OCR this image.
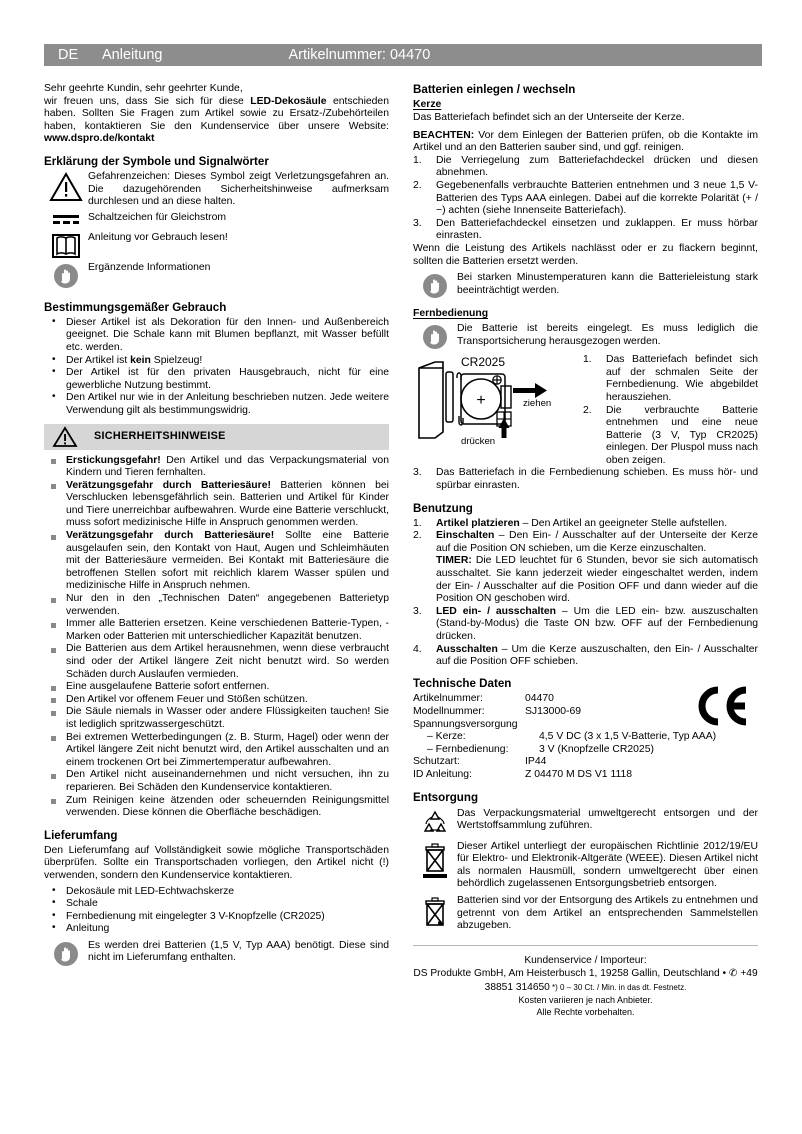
DE	Anleitung	Artikelnummer: 04470

Sehr geehrte Kundin, sehr geehrter Kunde,

wir freuen uns, dass Sie sich für diese LED-Dekosäule entschieden haben. Sollten Sie Fragen zum Artikel sowie zu Ersatz-/Zubehörteilen haben, kontaktieren Sie den Kundenservice über unsere Website: www.dspro.de/kontakt

Erklärung der Symbole und Signalwörter
Gefahrenzeichen: Dieses Symbol zeigt Verletzungsgefahren an. Die dazugehörenden Sicherheitshinweise aufmerksam durchlesen und an diese halten.
Schaltzeichen für Gleichstrom
Anleitung vor Gebrauch lesen!
Ergänzende Informationen
Bestimmungsgemäßer Gebrauch
• Dieser Artikel ist als Dekoration für den Innen- und Außenbereich geeignet. Die Schale kann mit Blumen bepflanzt, mit Wasser befüllt etc. werden.
• Der Artikel ist kein Spielzeug!
• Der Artikel ist für den privaten Hausgebrauch, nicht für eine gewerbliche Nutzung bestimmt.
• Den Artikel nur wie in der Anleitung beschrieben nutzen. Jede weitere Verwendung gilt als bestimmungswidrig.
SICHERHEITSHINWEISE
Erstickungsgefahr! Den Artikel und das Verpackungsmaterial von Kindern und Tieren fernhalten.
Verätzungsgefahr durch Batteriesäure! Batterien können bei Verschlucken lebensgefährlich sein. Batterien und Artikel für Kinder und Tiere unerreichbar aufbewahren. Wurde eine Batterie verschluckt, muss sofort medizinische Hilfe in Anspruch genommen werden.
Verätzungsgefahr durch Batteriesäure! Sollte eine Batterie ausgelaufen sein, den Kontakt von Haut, Augen und Schleimhäuten mit der Batteriesäure vermeiden. Bei Kontakt mit Batteriesäure die betroffenen Stellen sofort mit reichlich klarem Wasser spülen und medizinische Hilfe in Anspruch nehmen.
Nur den in den „Technischen Daten“ angegebenen Batterietyp verwenden.
Immer alle Batterien ersetzen. Keine verschiedenen Batterie-Typen, -Marken oder Batterien mit unterschiedlicher Kapazität benutzen.
Die Batterien aus dem Artikel herausnehmen, wenn diese verbraucht sind oder der Artikel längere Zeit nicht benutzt wird. So werden Schäden durch Auslaufen vermieden.
Eine ausgelaufene Batterie sofort entfernen.
Den Artikel vor offenem Feuer und Stößen schützen.
Die Säule niemals in Wasser oder andere Flüssigkeiten tauchen! Sie ist lediglich spritzwassergeschützt.
Bei extremen Wetterbedingungen (z. B. Sturm, Hagel) oder wenn der Artikel längere Zeit nicht benutzt wird, den Artikel ausschalten und an einem trockenen Ort bei Zimmertemperatur aufbewahren.
Den Artikel nicht auseinandernehmen und nicht versuchen, ihn zu reparieren. Bei Schäden den Kundenservice kontaktieren.
Zum Reinigen keine ätzenden oder scheuernden Reinigungsmittel verwenden. Diese können die Oberfläche beschädigen.
Lieferumfang

Den Lieferumfang auf Vollständigkeit sowie mögliche Transportschäden überprüfen. Sollte ein Transportschaden vorliegen, den Artikel nicht (!) verwenden, sondern den Kundenservice kontaktieren.

• Dekosäule mit LED-Echtwachskerze
• Schale
• Fernbedienung mit eingelegter 3 V-Knopfzelle (CR2025)
• Anleitung
Es werden drei Batterien (1,5 V, Typ AAA) benötigt. Diese sind nicht im Lieferumfang enthalten.
Batterien einlegen / wechseln
Kerze

Das Batteriefach befindet sich an der Unterseite der Kerze.

BEACHTEN: Vor dem Einlegen der Batterien prüfen, ob die Kontakte im Artikel und an den Batterien sauber sind, und ggf. reinigen.

Die Verriegelung zum Batteriefachdeckel drücken und diesen abnehmen.
Gegebenenfalls verbrauchte Batterien entnehmen und 3 neue 1,5 V-Batterien des Typs AAA einlegen. Dabei auf die korrekte Polarität (+ / −) achten (siehe Innenseite Batteriefach).
Den Batteriefachdeckel einsetzen und zuklappen. Er muss hörbar einrasten.

Wenn die Leistung des Artikels nachlässt oder er zu flackern beginnt, sollten die Batterien ersetzt werden.

Bei starken Minustemperaturen kann die Batterieleistung stark beeinträchtigt werden.
Fernbedienung
Die Batterie ist bereits eingelegt. Es muss lediglich die Transportsicherung herausgezogen werden.
+
CR2025
ziehen
drücken
Das Batteriefach befindet sich auf der schmalen Seite der Fernbedienung. Wie abgebildet herausziehen.
Die verbrauchte Batterie entnehmen und eine neue Batterie (3 V, Typ CR2025) einlegen. Der Pluspol muss nach oben zeigen.
Das Batteriefach in die Fernbedienung schieben. Es muss hör- und spürbar einrasten.
Benutzung
Artikel platzieren – Den Artikel an geeigneter Stelle aufstellen.
Einschalten – Den Ein- / Ausschalter auf der Unterseite der Kerze auf die Position ON schieben, um die Kerze einzuschalten.
TIMER: Die LED leuchtet für 6 Stunden, bevor sie sich automatisch ausschaltet. Sie kann jederzeit wieder eingeschaltet werden, indem der Ein- / Ausschalter auf die Position OFF und dann wieder auf die Position ON geschoben wird.
LED ein- / ausschalten – Um die LED ein- bzw. auszuschalten (Stand-by-Modus) die Taste ON bzw. OFF auf der Fernbedienung drücken.
Ausschalten – Um die Kerze auszuschalten, den Ein- / Ausschalter auf die Position OFF schieben.
Technische Daten
Artikelnummer:	04470
Modellnummer:	SJ13000-69
Spannungsversorgung
– Kerze:	4,5 V DC (3 x 1,5 V-Batterie, Typ AAA)
– Fernbedienung:	3 V (Knopfzelle CR2025)
Schutzart:	IP44
ID Anleitung:	Z 04470 M DS V1 1118
Entsorgung
Das Verpackungsmaterial umweltgerecht entsorgen und der Wertstoffsammlung zuführen.
Dieser Artikel unterliegt der europäischen Richtlinie 2012/19/EU für Elektro- und Elektronik-Altgeräte (WEEE). Diesen Artikel nicht als normalen Hausmüll, sondern umweltgerecht über einen behördlich zugelassenen Entsorgungsbetrieb entsorgen.
Batterien sind vor der Entsorgung des Artikels zu entnehmen und getrennt von dem Artikel an entsprechenden Sammelstellen abzugeben.

Kundenservice / Importeur:

DS Produkte GmbH, Am Heisterbusch 1, 19258 Gallin, Deutschland • ✆ +49 38851 314650 *) 0 – 30 Ct. / Min. in das dt. Festnetz.

Kosten variieren je nach Anbieter.

Alle Rechte vorbehalten.
